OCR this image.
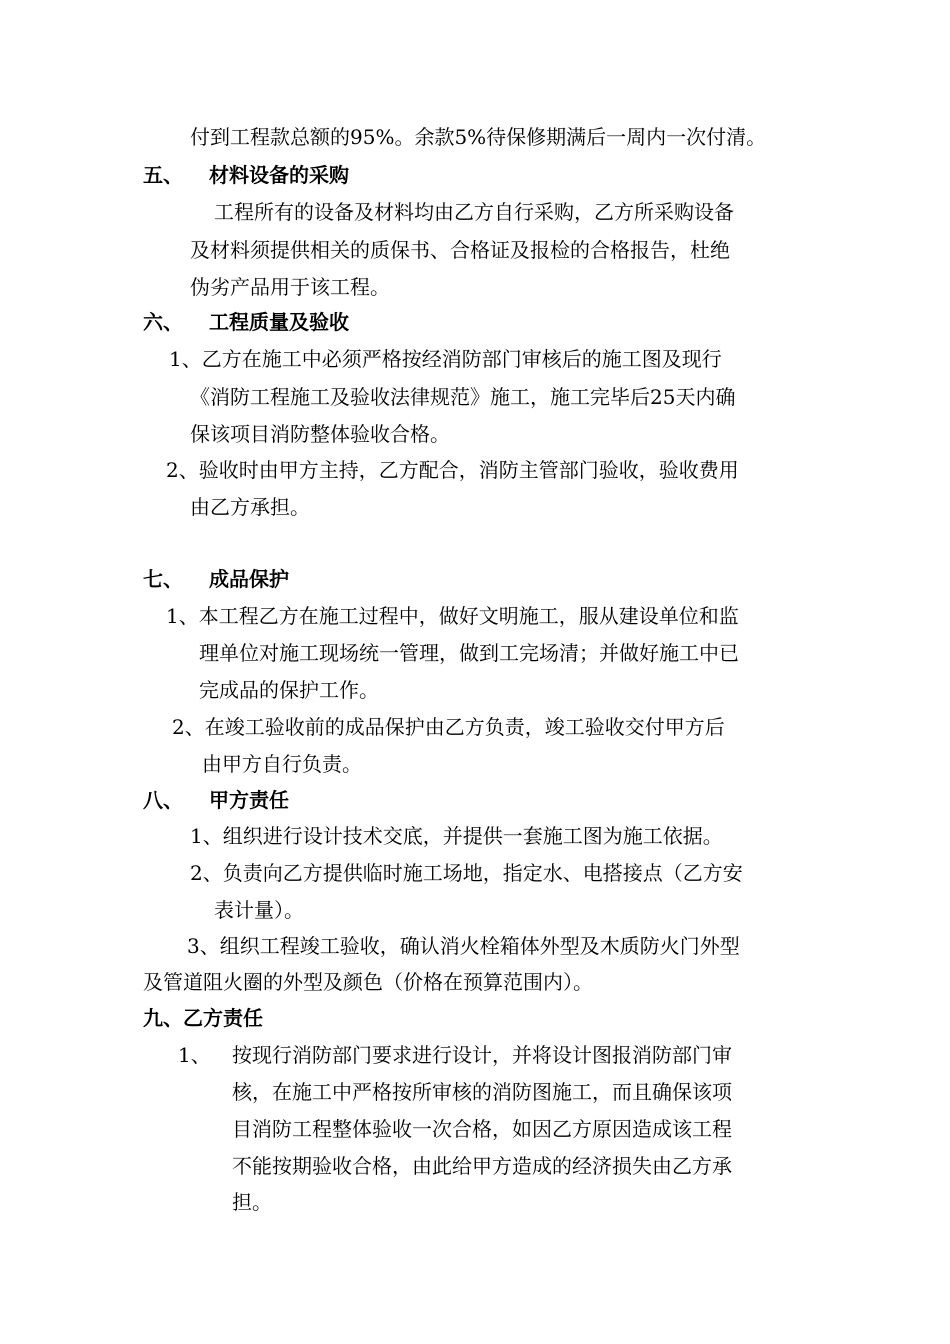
付到工程款总额的95%。余款5%待保修期满后一周内一次付清。
五、 材料设备的采购
工程所有的设备及材料均由乙方自行采购，乙方所采购设备
及材料须提供相关的质保书、合格证及报检的合格报告，杜绝
伪劣产品用于该工程。
六、 工程质量及验收
1、乙方在施工中必须严格按经消防部门审核后的施工图及现行
《消防工程施工及验收法律规范》施工，施工完毕后25天内确
保该项目消防整体验收合格。
2、验收时由甲方主持，乙方配合，消防主管部门验收，验收费用
由乙方承担。
七、 成品保护
1、本工程乙方在施工过程中，做好文明施工，服从建设单位和监
理单位对施工现场统一管理，做到工完场清；并做好施工中已
完成品的保护工作。
2、在竣工验收前的成品保护由乙方负责，竣工验收交付甲方后
由甲方自行负责。
八、 甲方责任
1、组织进行设计技术交底，并提供一套施工图为施工依据。
2、负责向乙方提供临时施工场地，指定水、电搭接点（乙方安
表计量）。
3、组织工程竣工验收，确认消火栓箱体外型及木质防火门外型
及管道阻火圈的外型及颜色（价格在预算范围内）。
九、乙方责任
1、 按现行消防部门要求进行设计，并将设计图报消防部门审
核，在施工中严格按所审核的消防图施工，而且确保该项
目消防工程整体验收一次合格，如因乙方原因造成该工程
不能按期验收合格，由此给甲方造成的经济损失由乙方承
担。
